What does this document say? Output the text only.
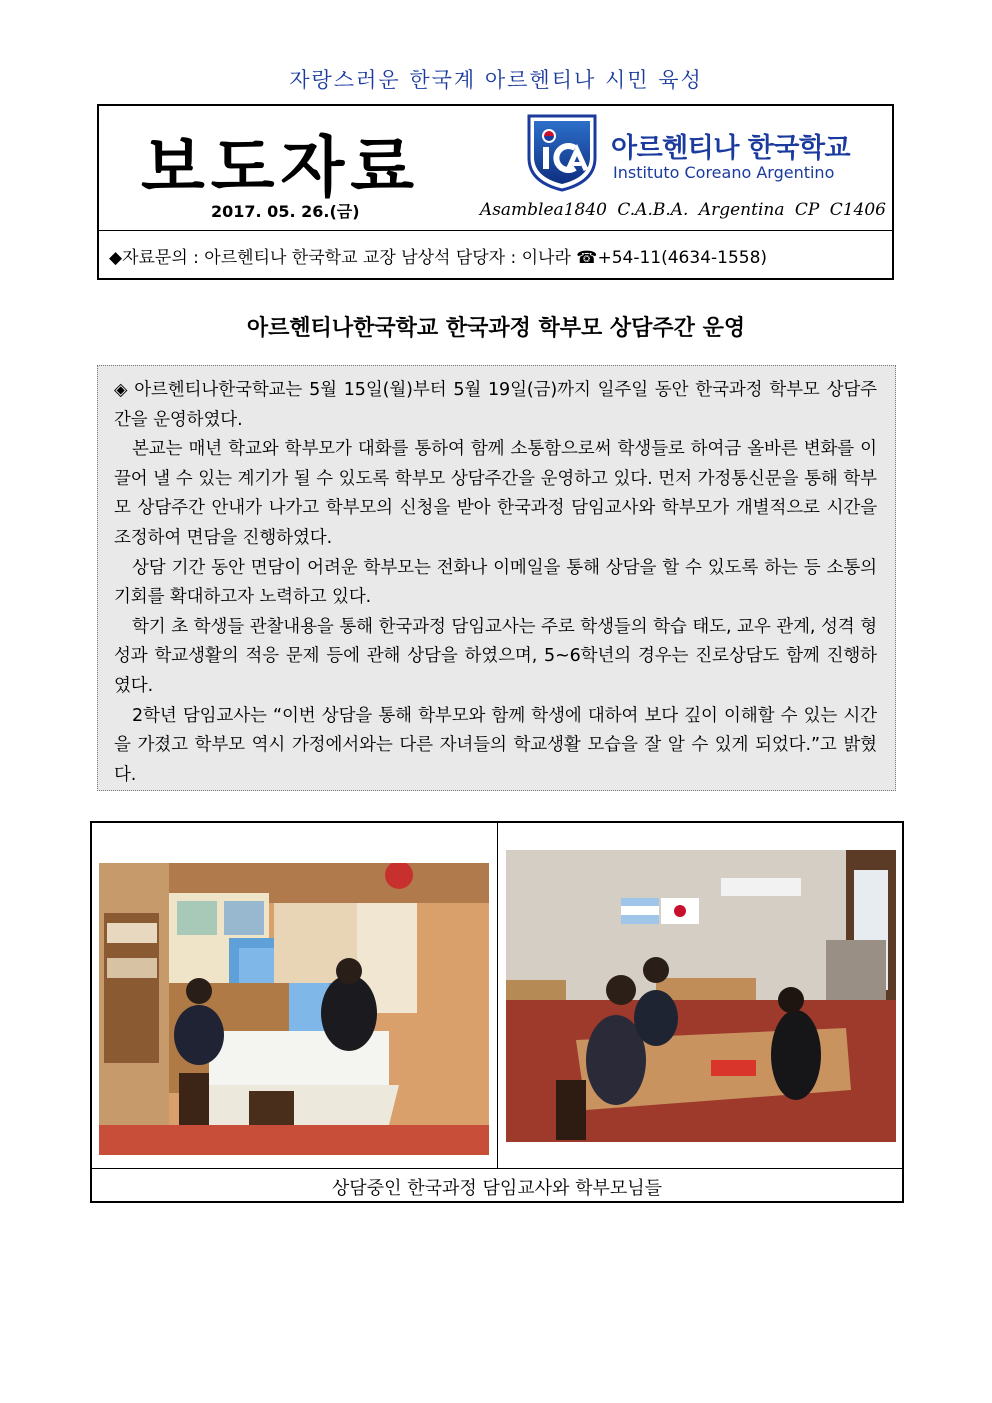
자랑스러운 한국계 아르헨티나 시민 육성
보도자료
2017. 05. 26.(금)
아르헨티나 한국학교
Instituto Coreano Argentino
Asamblea1840 C.A.B.A. Argentina CP C1406
◆자료문의 : 아르헨티나 한국학교 교장 남상석 담당자 : 이나라 ☎+54-11(4634-1558)
아르헨티나한국학교 한국과정 학부모 상담주간 운영

◈ 아르헨티나한국학교는 5월 15일(월)부터 5월 19일(금)까지 일주일 동안 한국과정 학부모 상담주간을 운영하였다.

본교는 매년 학교와 학부모가 대화를 통하여 함께 소통함으로써 학생들로 하여금 올바른 변화를 이끌어 낼 수 있는 계기가 될 수 있도록 학부모 상담주간을 운영하고 있다. 먼저 가정통신문을 통해 학부모 상담주간 안내가 나가고 학부모의 신청을 받아 한국과정 담임교사와 학부모가 개별적으로 시간을 조정하여 면담을 진행하였다.

상담 기간 동안 면담이 어려운 학부모는 전화나 이메일을 통해 상담을 할 수 있도록 하는 등 소통의 기회를 확대하고자 노력하고 있다.

학기 초 학생들 관찰내용을 통해 한국과정 담임교사는 주로 학생들의 학습 태도, 교우 관계, 성격 형성과 학교생활의 적응 문제 등에 관해 상담을 하였으며, 5~6학년의 경우는 진로상담도 함께 진행하였다.

2학년 담임교사는 “이번 상담을 통해 학부모와 함께 학생에 대하여 보다 깊이 이해할 수 있는 시간을 가졌고 학부모 역시 가정에서와는 다른 자녀들의 학교생활 모습을 잘 알 수 있게 되었다.”고 밝혔다.

상담중인 한국과정 담임교사와 학부모님들
